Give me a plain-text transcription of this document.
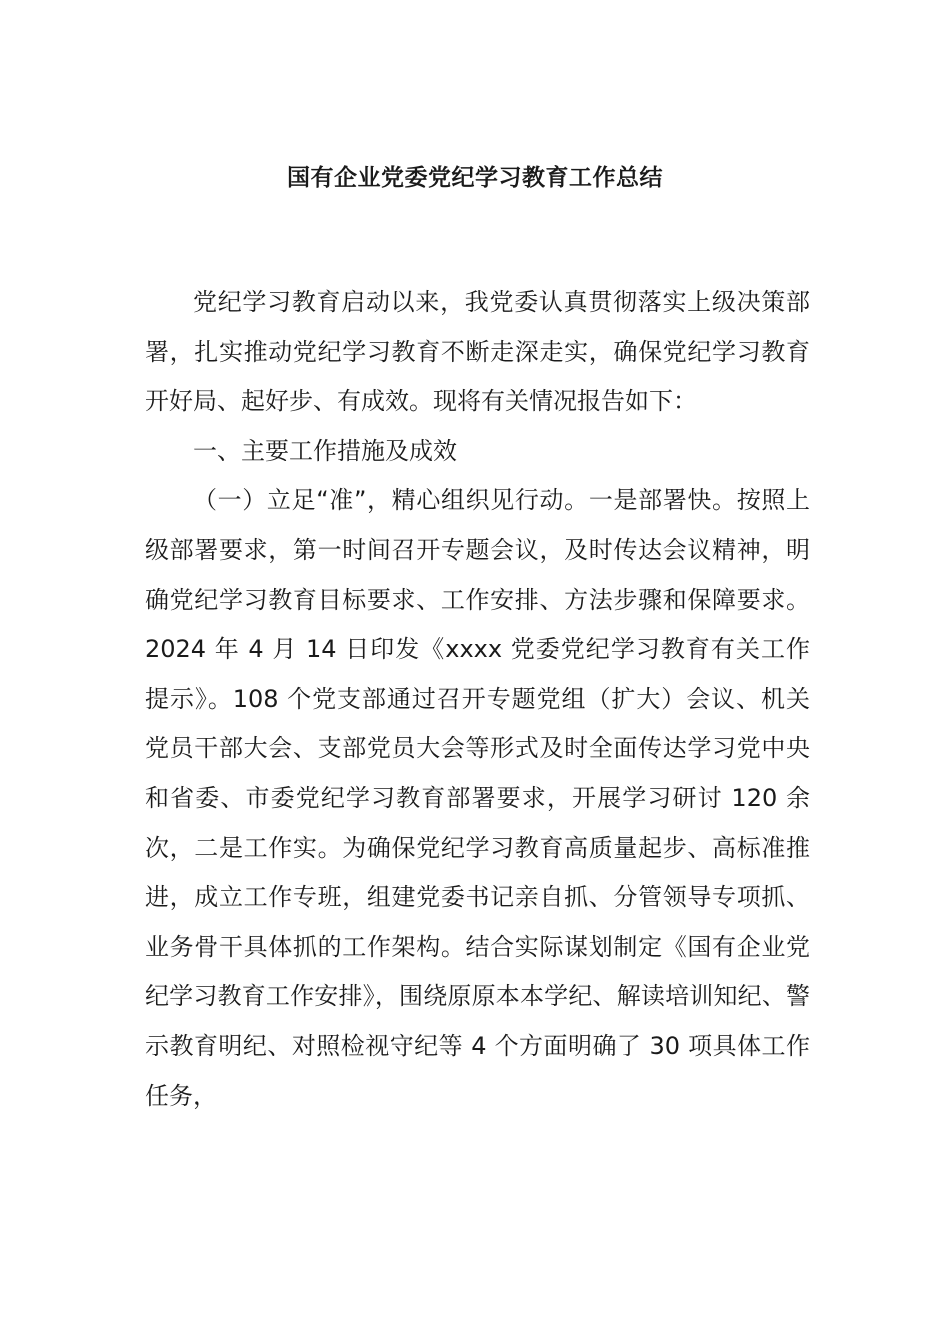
国有企业党委党纪学习教育工作总结

党纪学习教育启动以来，我党委认真贯彻落实上级决策部署，扎实推动党纪学习教育不断走深走实，确保党纪学习教育开好局、起好步、有成效。现将有关情况报告如下：

一、主要工作措施及成效

（一）立足“准”，精心组织见行动。一是部署快。按照上级部署要求，第一时间召开专题会议，及时传达会议精神，明确党纪学习教育目标要求、工作安排、方法步骤和保障要求。2024 年 4 月 14 日印发《xxxx 党委党纪学习教育有关工作提示》。108 个党支部通过召开专题党组（扩大）会议、机关党员干部大会、支部党员大会等形式及时全面传达学习党中央和省委、市委党纪学习教育部署要求，开展学习研讨 120 余次，二是工作实。为确保党纪学习教育高质量起步、高标准推进，成立工作专班，组建党委书记亲自抓、分管领导专项抓、业务骨干具体抓的工作架构。结合实际谋划制定《国有企业党纪学习教育工作安排》，围绕原原本本学纪、解读培训知纪、警示教育明纪、对照检视守纪等 4 个方面明确了 30 项具体工作任务，
